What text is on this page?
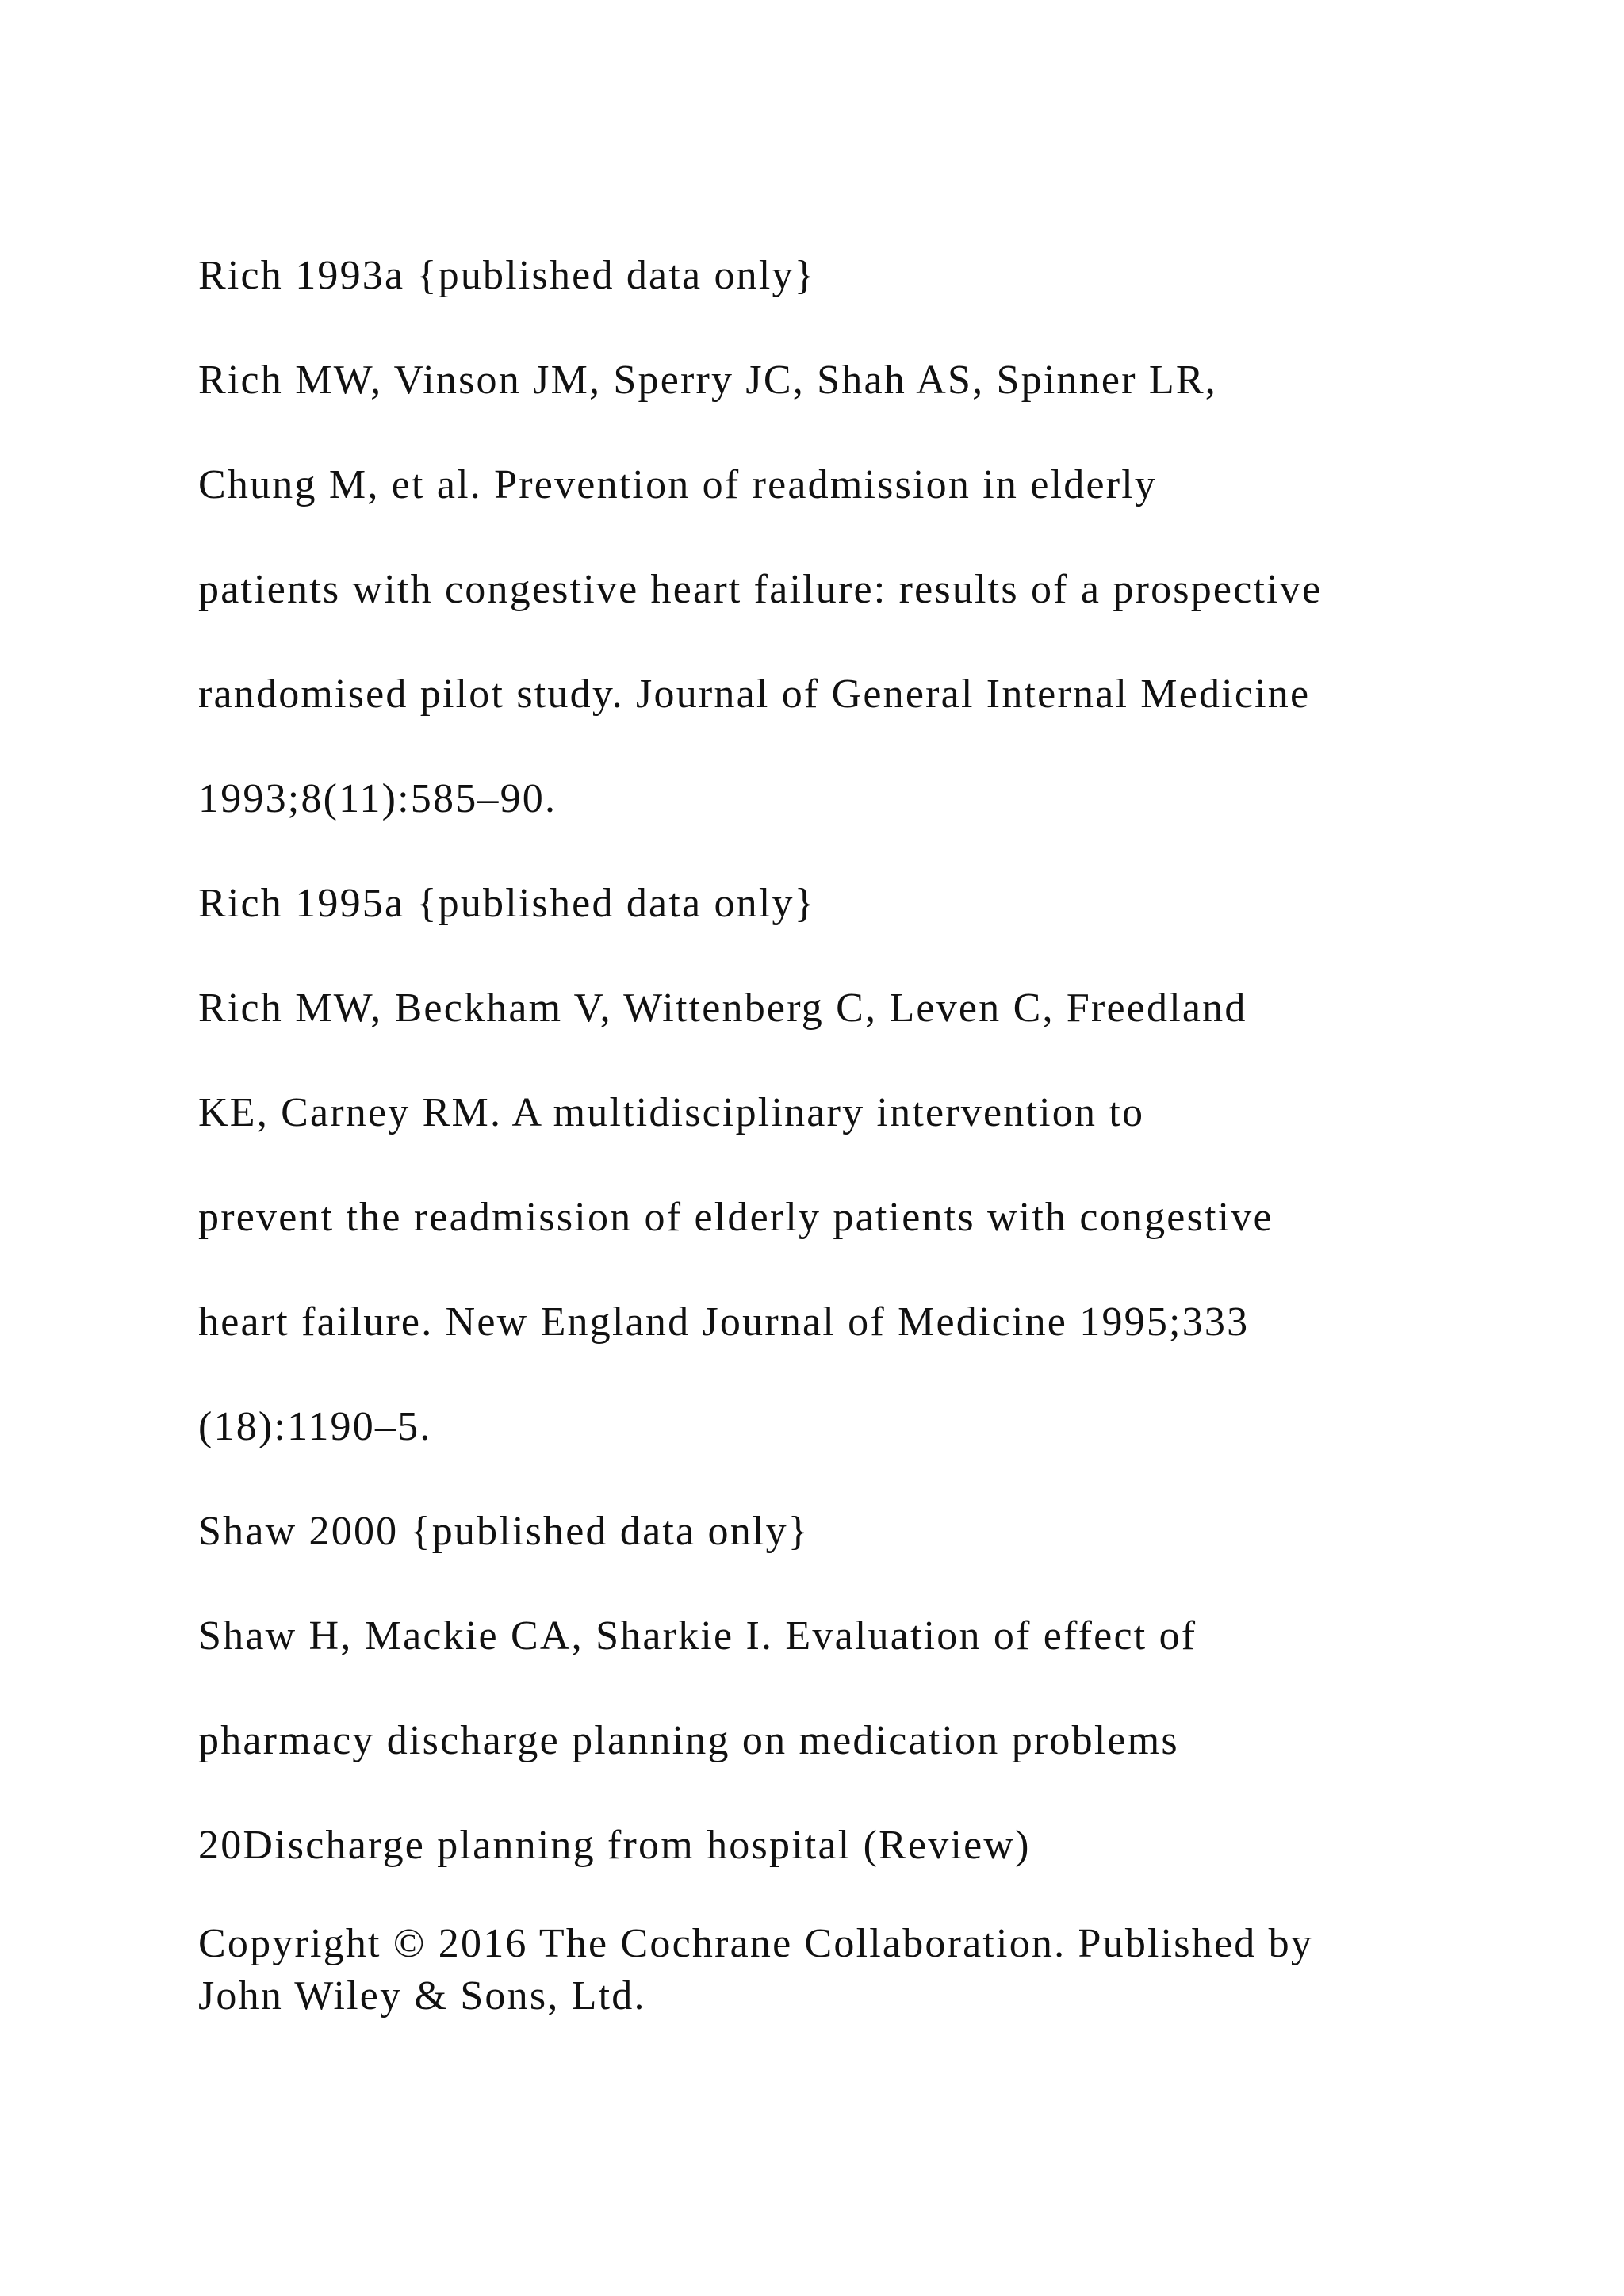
Rich 1993a {published data only}
Rich MW, Vinson JM, Sperry JC, Shah AS, Spinner LR,
Chung M, et al. Prevention of readmission in elderly
patients with congestive heart failure: results of a prospective
randomised pilot study. Journal of General Internal Medicine
1993;8(11):585–90.
Rich 1995a {published data only}
Rich MW, Beckham V, Wittenberg C, Leven C, Freedland
KE, Carney RM. A multidisciplinary intervention to
prevent the readmission of elderly patients with congestive
heart failure. New England Journal of Medicine 1995;333
(18):1190–5.
Shaw 2000 {published data only}
Shaw H, Mackie CA, Sharkie I. Evaluation of effect of
pharmacy discharge planning on medication problems
20Discharge planning from hospital (Review)
Copyright © 2016 The Cochrane Collaboration. Published by
John Wiley & Sons, Ltd.
